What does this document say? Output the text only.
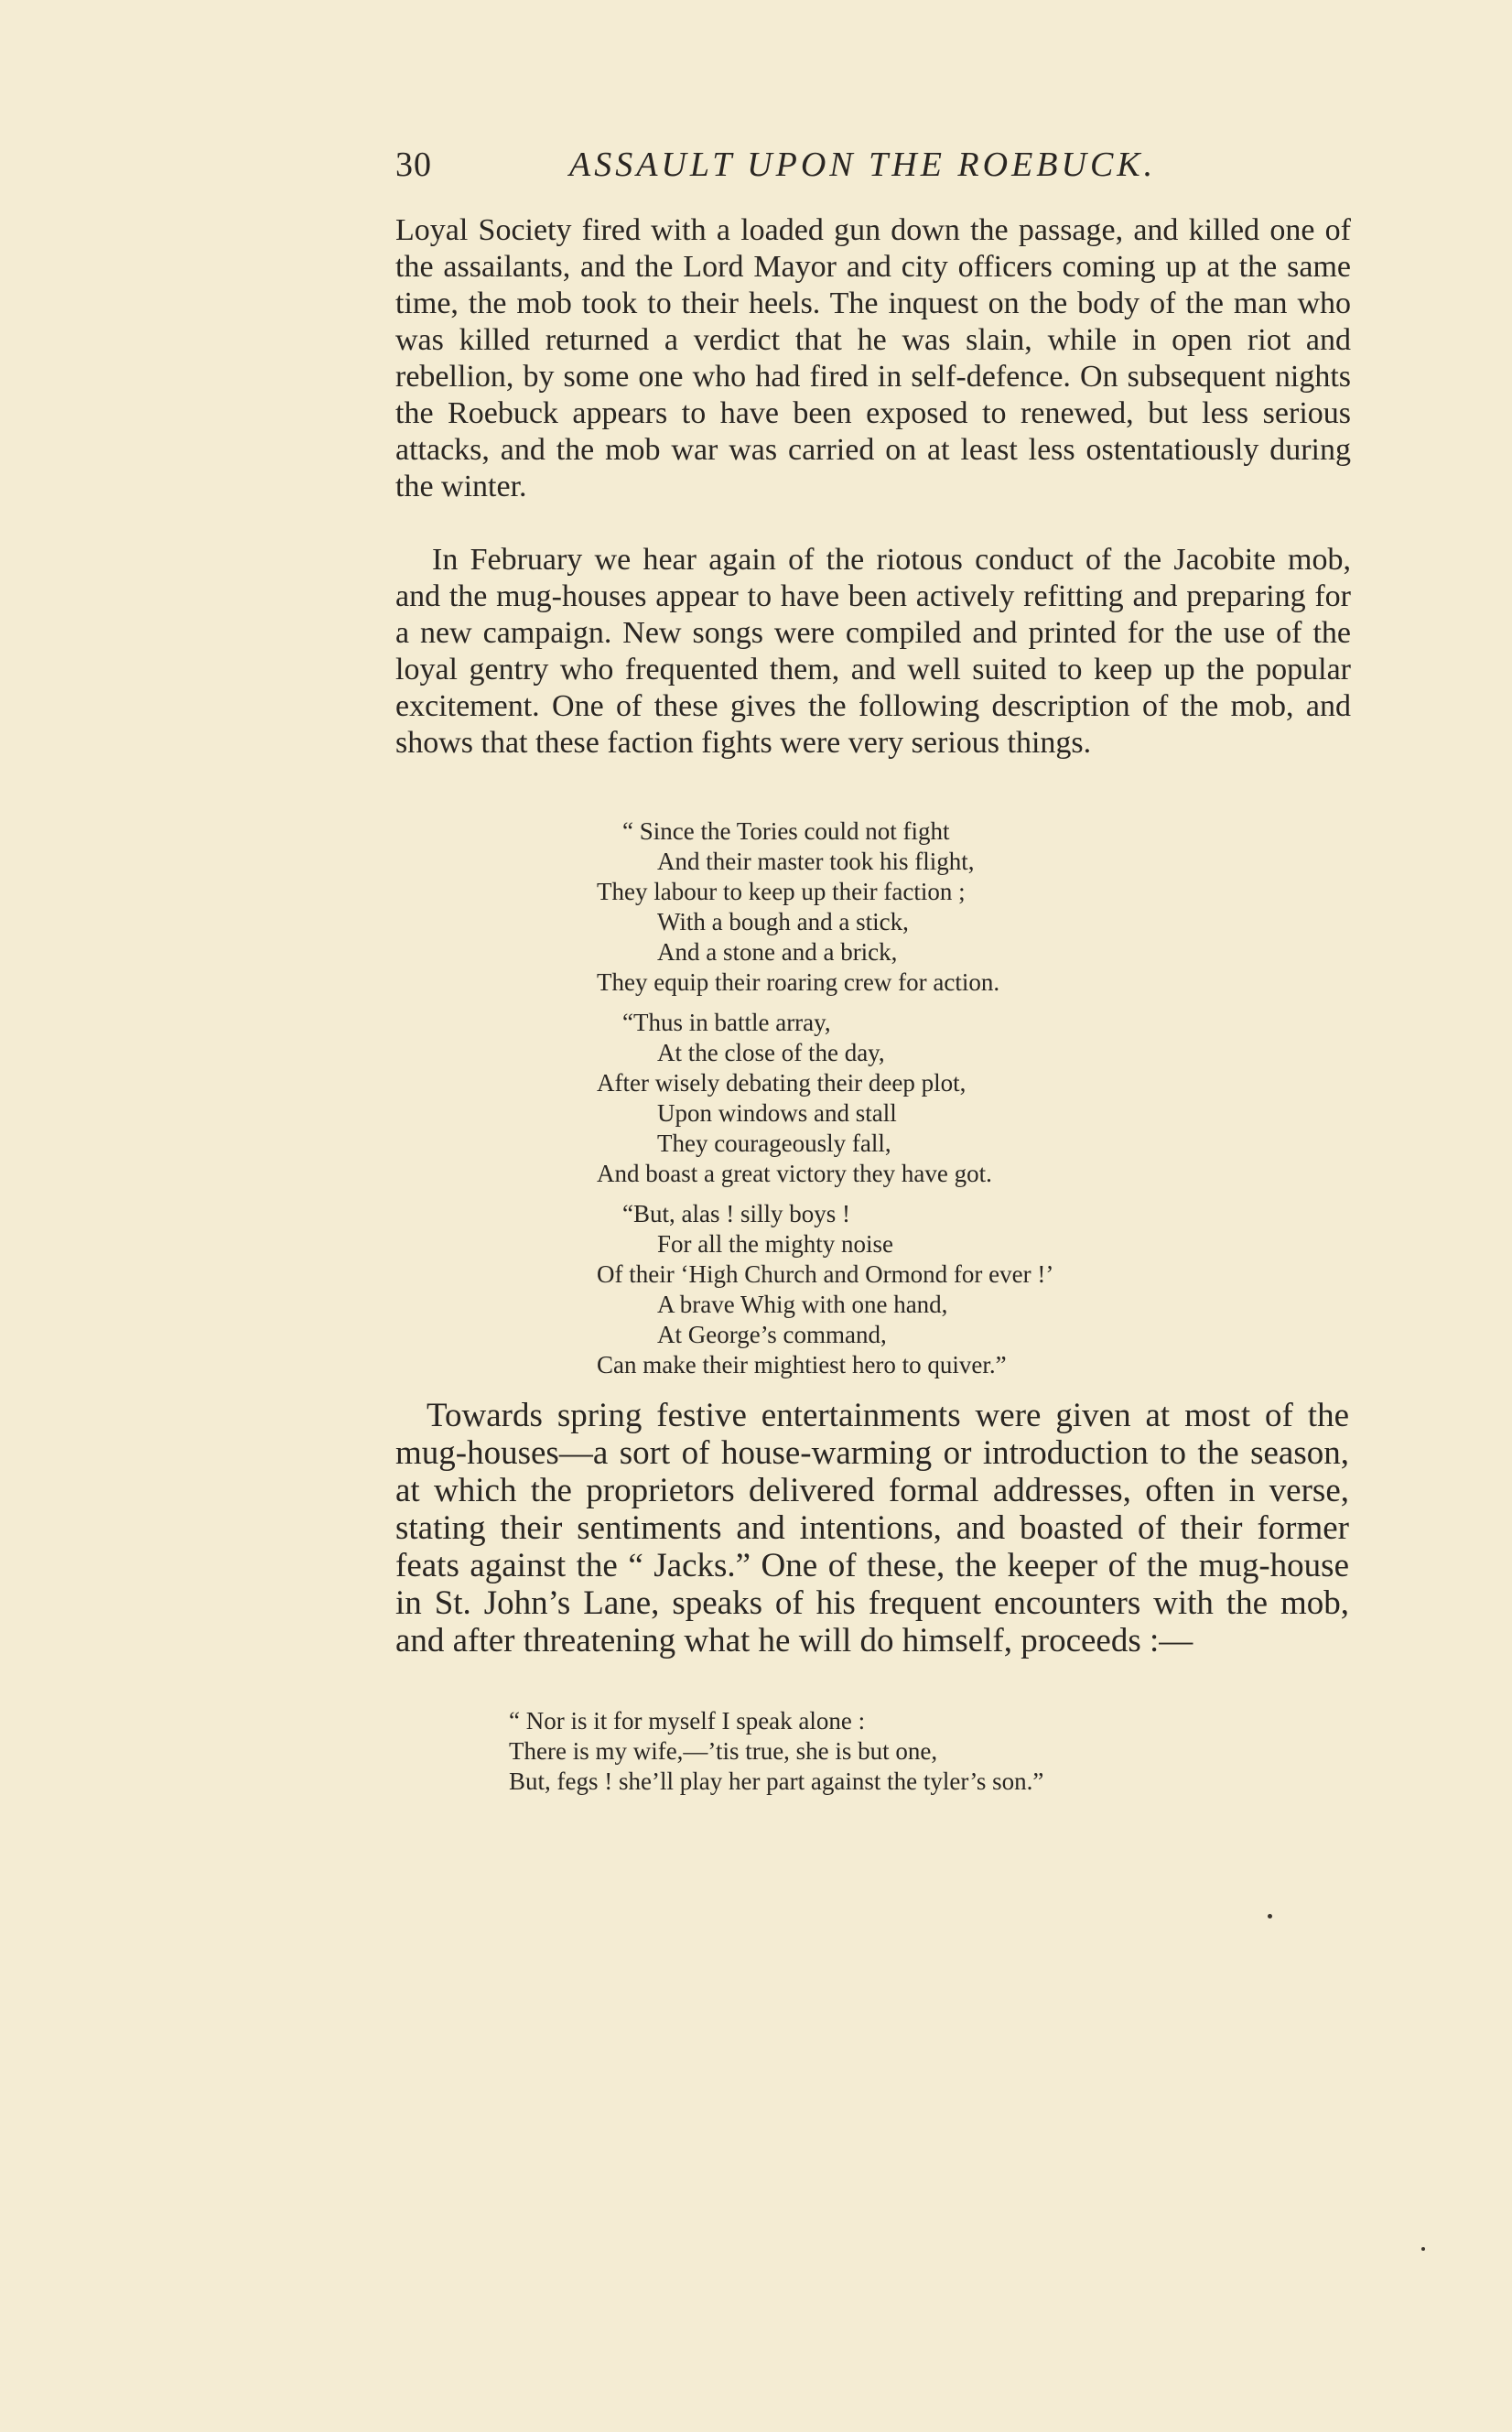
30	ASSAULT UPON THE ROEBUCK.

Loyal Society fired with a loaded gun down the passage, and killed one of the assailants, and the Lord Mayor and city officers coming up at the same time, the mob took to their heels. The inquest on the body of the man who was killed returned a verdict that he was slain, while in open riot and rebellion, by some one who had fired in self-defence. On subsequent nights the Roebuck appears to have been exposed to renewed, but less serious attacks, and the mob war was carried on at least less ostentatiously during the winter.

In February we hear again of the riotous conduct of the Jacobite mob, and the mug-houses appear to have been actively refitting and preparing for a new campaign. New songs were compiled and printed for the use of the loyal gentry who frequented them, and well suited to keep up the popular excitement. One of these gives the following description of the mob, and shows that these faction fights were very serious things.

“ Since the Tories could not fight
And their master took his flight,
They labour to keep up their faction ;
With a bough and a stick,
And a stone and a brick,
They equip their roaring crew for action.
“Thus in battle array,
At the close of the day,
After wisely debating their deep plot,
Upon windows and stall
They courageously fall,
And boast a great victory they have got.
“But, alas ! silly boys !
For all the mighty noise
Of their ‘High Church and Ormond for ever !’
A brave Whig with one hand,
At George’s command,
Can make their mightiest hero to quiver.”

Towards spring festive entertainments were given at most of the mug-houses—a sort of house-warming or introduction to the season, at which the proprietors delivered formal addresses, often in verse, stating their sentiments and intentions, and boasted of their former feats against the “ Jacks.” One of these, the keeper of the mug-house in St. John’s Lane, speaks of his frequent encounters with the mob, and after threatening what he will do himself, proceeds :—

“ Nor is it for myself I speak alone :
There is my wife,—’tis true, she is but one,
But, fegs ! she’ll play her part against the tyler’s son.”
